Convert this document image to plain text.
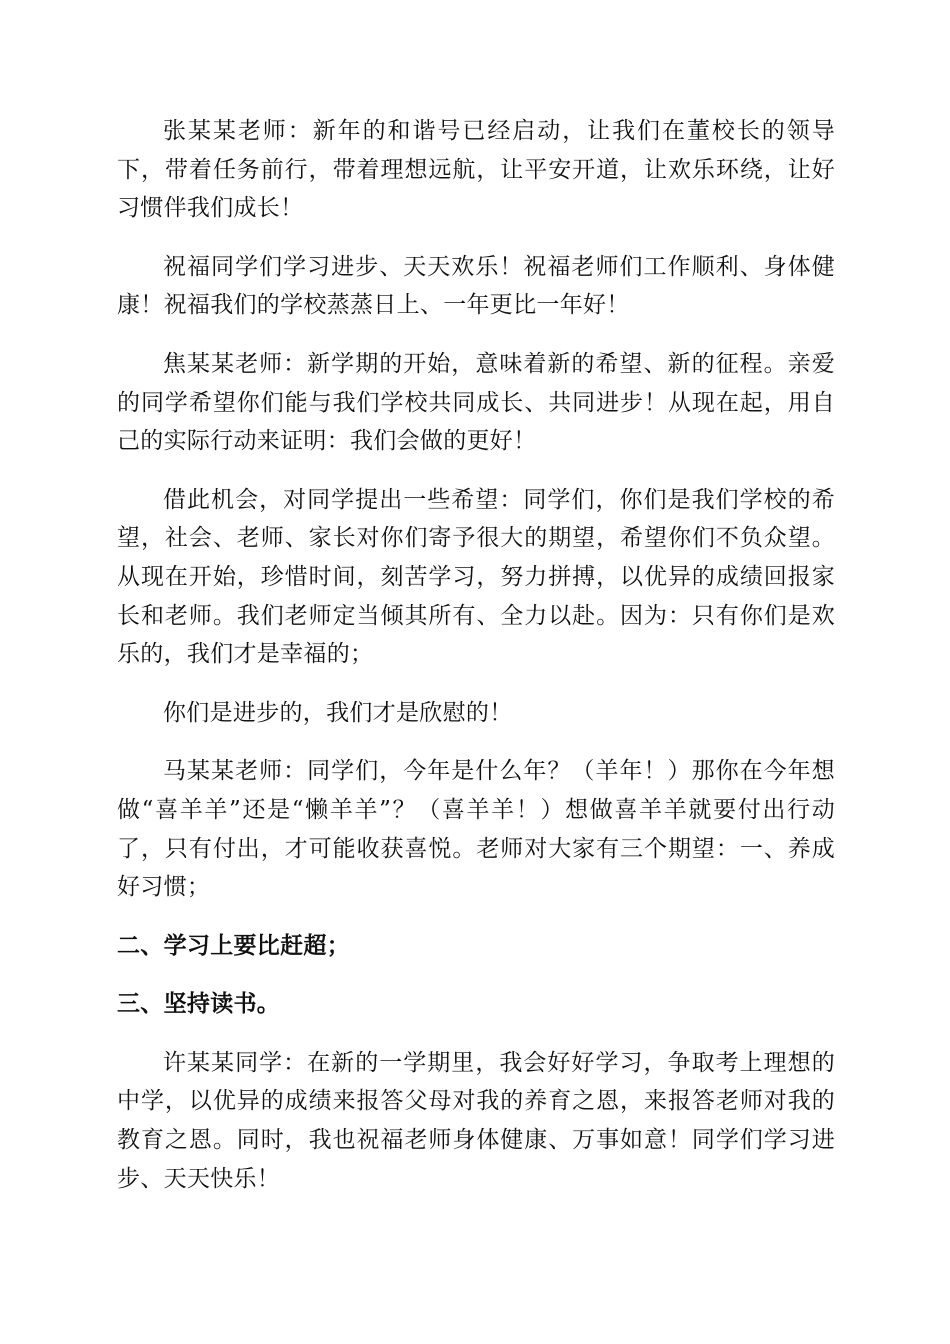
张某某老师：新年的和谐号已经启动，让我们在董校长的领导下，带着任务前行，带着理想远航，让平安开道，让欢乐环绕，让好习惯伴我们成长！

祝福同学们学习进步、天天欢乐！祝福老师们工作顺利、身体健康！祝福我们的学校蒸蒸日上、一年更比一年好！

焦某某老师：新学期的开始，意味着新的希望、新的征程。亲爱的同学希望你们能与我们学校共同成长、共同进步！从现在起，用自己的实际行动来证明：我们会做的更好！

借此机会，对同学提出一些希望：同学们，你们是我们学校的希望，社会、老师、家长对你们寄予很大的期望，希望你们不负众望。从现在开始，珍惜时间，刻苦学习，努力拼搏，以优异的成绩回报家长和老师。我们老师定当倾其所有、全力以赴。因为：只有你们是欢乐的，我们才是幸福的；

你们是进步的，我们才是欣慰的！

马某某老师：同学们，今年是什么年？（羊年！）那你在今年想做“喜羊羊”还是“懒羊羊”？（喜羊羊！）想做喜羊羊就要付出行动了，只有付出，才可能收获喜悦。老师对大家有三个期望：一、养成好习惯；

二、学习上要比赶超；

三、坚持读书。

许某某同学：在新的一学期里，我会好好学习，争取考上理想的中学，以优异的成绩来报答父母对我的养育之恩，来报答老师对我的教育之恩。同时，我也祝福老师身体健康、万事如意！同学们学习进步、天天快乐！
